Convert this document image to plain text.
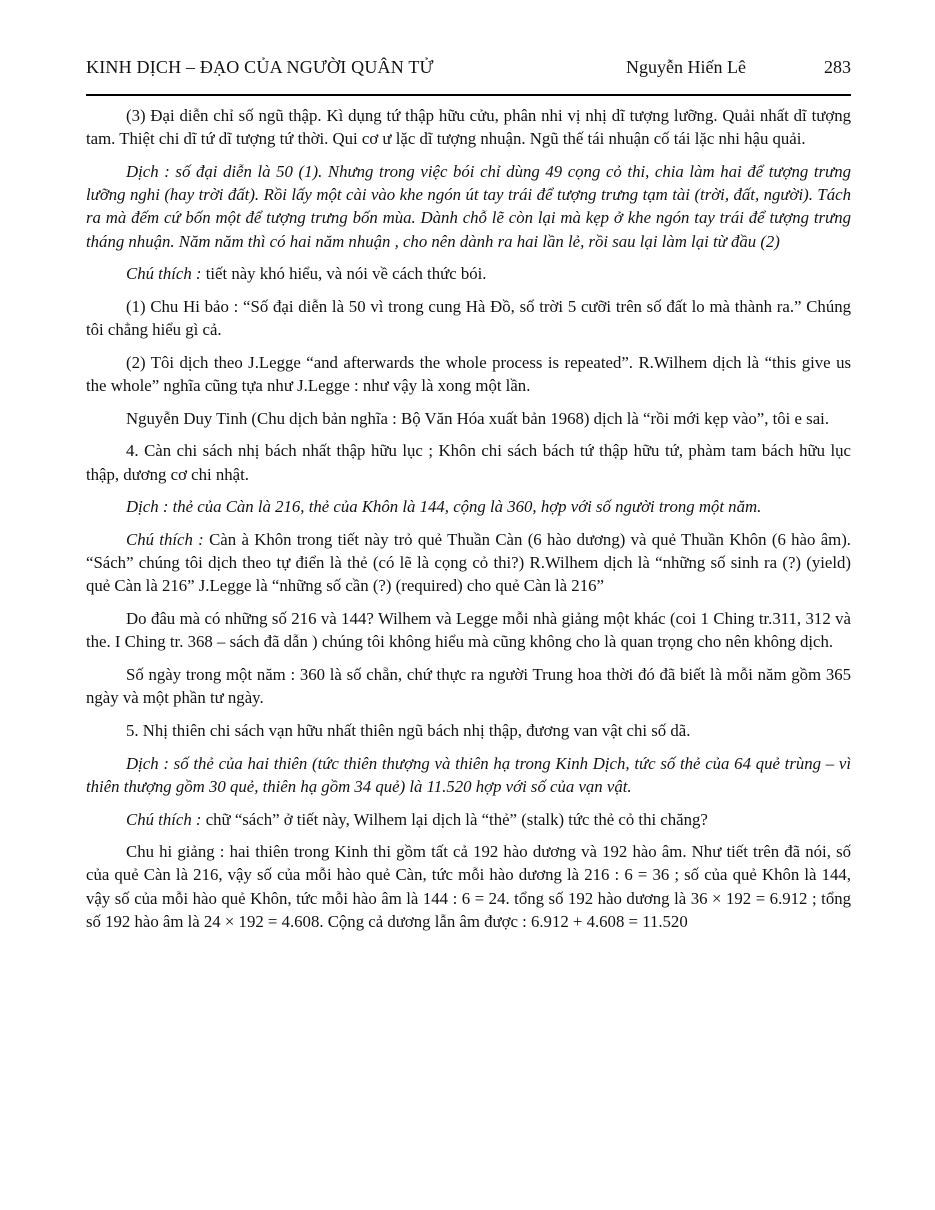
KINH DỊCH – ĐẠO CỦA NGƯỜI QUÂN TỬ	Nguyễn Hiến Lê	283

(3) Đại diễn chỉ số ngũ thập. Kì dụng tứ thập hữu cửu, phân nhi vị nhị dĩ tượng lưỡng. Quải nhất dĩ tượng tam. Thiệt chi dĩ tứ dĩ tượng tứ thời. Qui cơ ư lặc dĩ tượng nhuận. Ngũ thế tái nhuận cố tái lặc nhi hậu quải.

Dịch : số đại diễn là 50 (1). Nhưng trong việc bói chỉ dùng 49 cọng cỏ thi, chia làm hai để tượng trưng lưỡng nghi (hay trời đất). Rồi lấy một cài vào khe ngón út tay trái để tượng trưng tạm tài (trời, đất, người). Tách ra mà đếm cứ bốn một để tượng trưng bốn mùa. Dành chỗ lẽ còn lại mà kẹp ở khe ngón tay trái để tượng trưng tháng nhuận. Năm năm thì có hai năm nhuận , cho nên dành ra hai lần lẻ, rồi sau lại làm lại từ đầu (2)

Chú thích : tiết này khó hiểu, và nói về cách thức bói.

(1) Chu Hi bảo : “Số đại diễn là 50 vì trong cung Hà Đồ, số trời 5 cưỡi trên số đất lo mà thành ra.” Chúng tôi chẳng hiểu gì cả.

(2) Tôi dịch theo J.Legge “and afterwards the whole process is repeated”. R.Wilhem dịch là “this give us the whole” nghĩa cũng tựa như J.Legge : như vậy là xong một lần.

Nguyễn Duy Tinh (Chu dịch bản nghĩa : Bộ Văn Hóa xuất bản 1968) dịch là “rồi mới kẹp vào”, tôi e sai.

4. Càn chi sách nhị bách nhất thập hữu lục ; Khôn chi sách bách tứ thập hữu tứ, phàm tam bách hữu lục thập, dương cơ chi nhật.

Dịch : thẻ của Càn là 216, thẻ của Khôn là 144, cộng là 360, hợp với số người trong một năm.

Chú thích : Càn à Khôn trong tiết này trỏ quẻ Thuần Càn (6 hào dương) và quẻ Thuần Khôn (6 hào âm). “Sách” chúng tôi dịch theo tự điển là thẻ (có lẽ là cọng cỏ thi?) R.Wilhem dịch là “những số sinh ra (?) (yield) quẻ Càn là 216” J.Legge là “những số cần (?) (required) cho quẻ Càn là 216”

Do đâu mà có những số 216 và 144? Wilhem và Legge mỗi nhà giảng một khác (coi 1 Ching tr.311, 312 và the. I Ching tr. 368 – sách đã dẫn ) chúng tôi không hiểu mà cũng không cho là quan trọng cho nên không dịch.

Số ngày trong một năm : 360 là số chẵn, chứ thực ra người Trung hoa thời đó đã biết là mỗi năm gồm 365 ngày và một phần tư ngày.

5. Nhị thiên chi sách vạn hữu nhất thiên ngũ bách nhị thập, đương van vật chi số dã.

Dịch : số thẻ của hai thiên (tức thiên thượng và thiên hạ trong Kinh Dịch, tức số thẻ của 64 quẻ trùng – vì thiên thượng gồm 30 quẻ, thiên hạ gồm 34 quẻ) là 11.520 hợp với số của vạn vật.

Chú thích : chữ “sách” ở tiết này, Wilhem lại dịch là “thẻ” (stalk) tức thẻ cỏ thi chăng?

Chu hi giảng : hai thiên trong Kinh thi gồm tất cả 192 hào dương và 192 hào âm. Như tiết trên đã nói, số của quẻ Càn là 216, vậy số của mỗi hào quẻ Càn, tức mỗi hào dương là 216 : 6 = 36 ; số của quẻ Khôn là 144, vậy số của mỗi hào quẻ Khôn, tức mỗi hào âm là 144 : 6 = 24. tổng số 192 hào dương là 36 × 192 = 6.912 ; tổng số 192 hào âm là 24 × 192 = 4.608. Cộng cả dương lẫn âm được : 6.912 + 4.608 = 11.520
